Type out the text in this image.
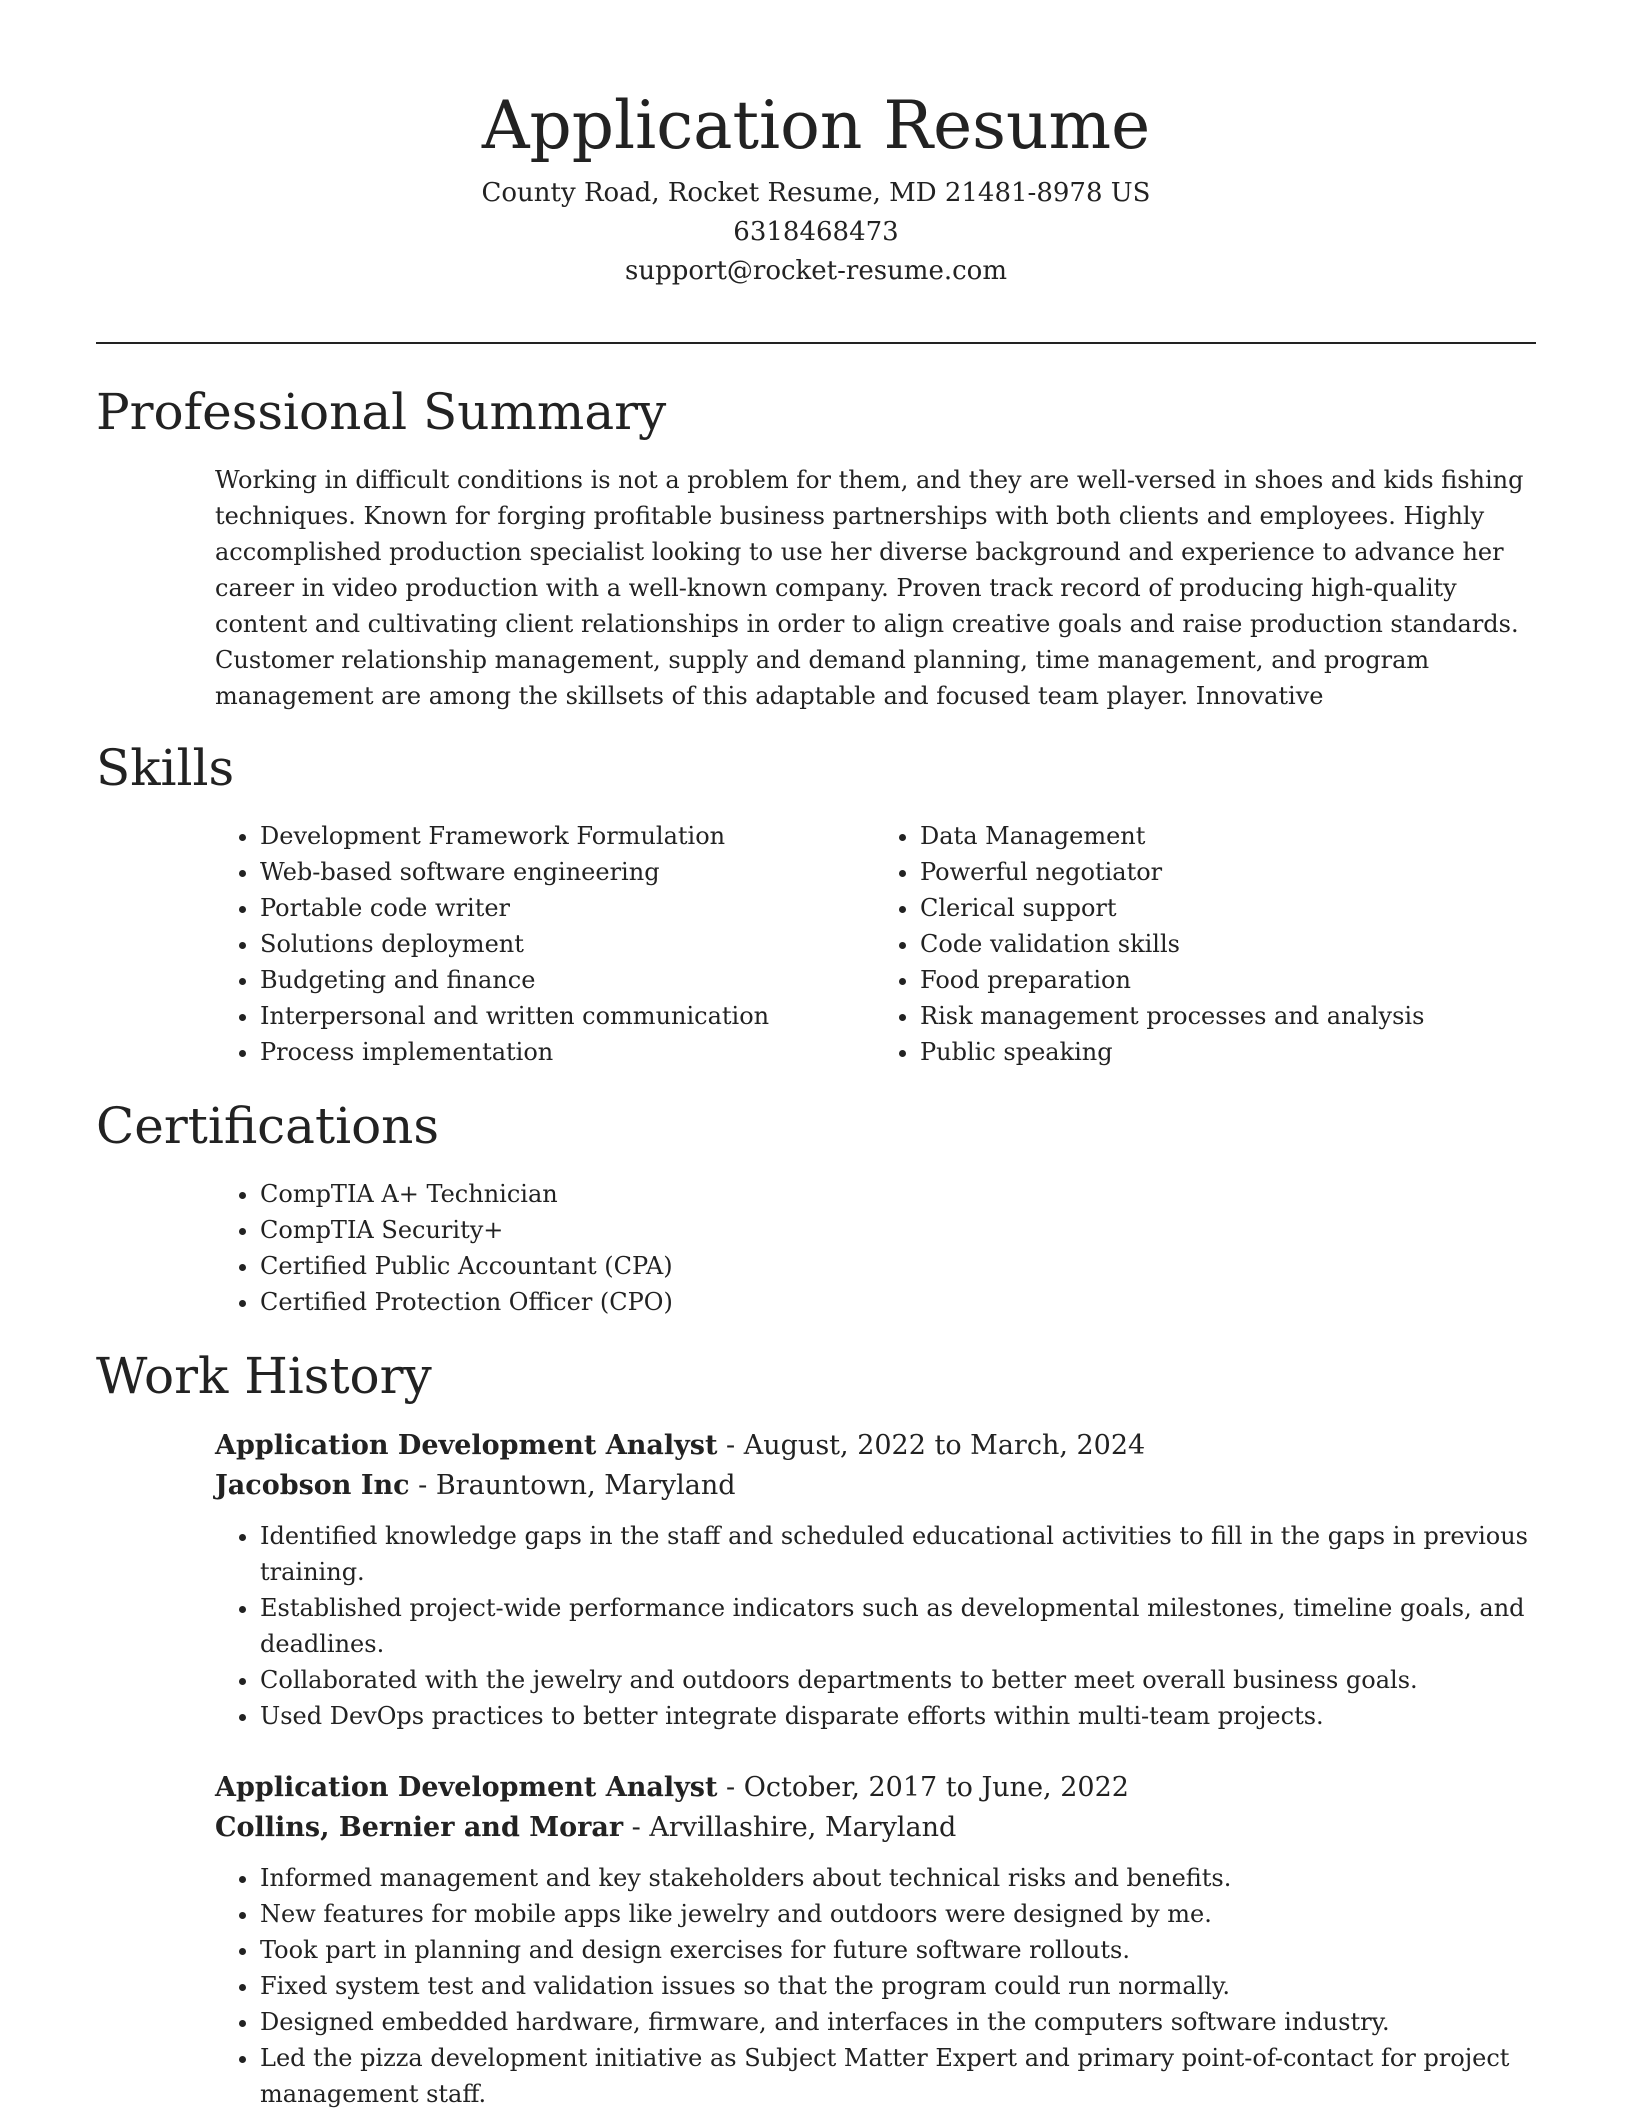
Application Resume
County Road, Rocket Resume, MD 21481-8978 US
6318468473
support@rocket-resume.com
Professional Summary
Working in difficult conditions is not a problem for them, and they are well-versed in shoes and kids fishing techniques. Known for forging profitable business partnerships with both clients and employees. Highly accomplished production specialist looking to use her diverse background and experience to advance her career in video production with a well-known company. Proven track record of producing high-quality content and cultivating client relationships in order to align creative goals and raise production standards. Customer relationship management, supply and demand planning, time management, and program management are among the skillsets of this adaptable and focused team player. Innovative
Skills
• Development Framework Formulation
• Web-based software engineering
• Portable code writer
• Solutions deployment
• Budgeting and finance
• Interpersonal and written communication
• Process implementation
• Data Management
• Powerful negotiator
• Clerical support
• Code validation skills
• Food preparation
• Risk management processes and analysis
• Public speaking
Certifications
• CompTIA A+ Technician
• CompTIA Security+
• Certified Public Accountant (CPA)
• Certified Protection Officer (CPO)
Work History
Application Development Analyst - August, 2022 to March, 2024
Jacobson Inc - Brauntown, Maryland
• Identified knowledge gaps in the staff and scheduled educational activities to fill in the gaps in previous training.
• Established project-wide performance indicators such as developmental milestones, timeline goals, and deadlines.
• Collaborated with the jewelry and outdoors departments to better meet overall business goals.
• Used DevOps practices to better integrate disparate efforts within multi-team projects.
Application Development Analyst - October, 2017 to June, 2022
Collins, Bernier and Morar - Arvillashire, Maryland
• Informed management and key stakeholders about technical risks and benefits.
• New features for mobile apps like jewelry and outdoors were designed by me.
• Took part in planning and design exercises for future software rollouts.
• Fixed system test and validation issues so that the program could run normally.
• Designed embedded hardware, firmware, and interfaces in the computers software industry.
• Led the pizza development initiative as Subject Matter Expert and primary point-of-contact for project management staff.
